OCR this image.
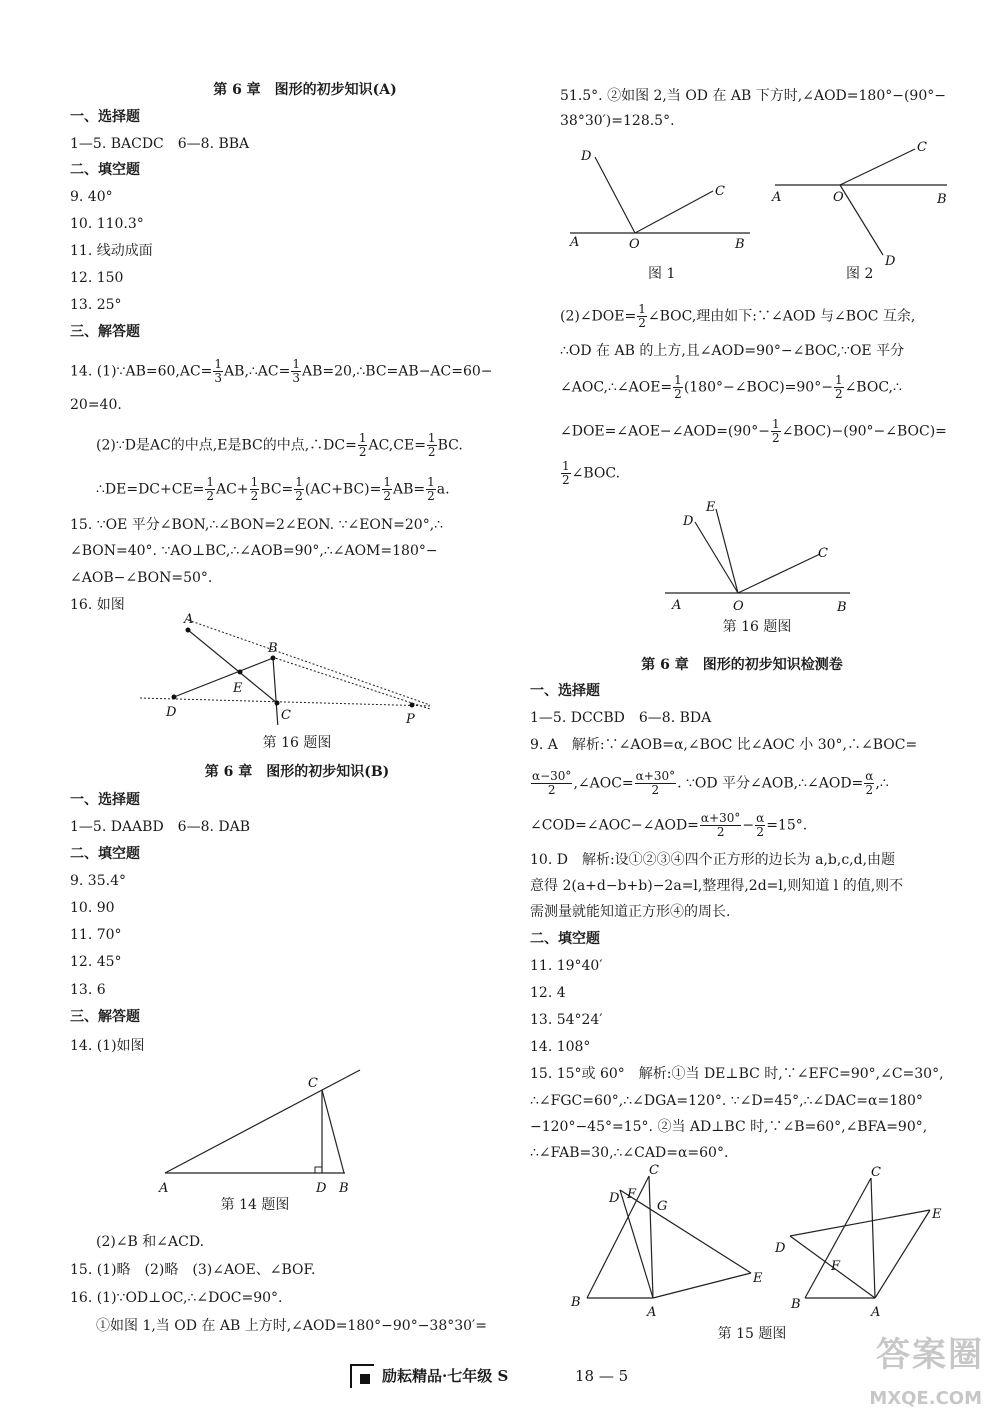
第 6 章　图形的初步知识(A)
一、选择题
1—5. BACDC　6—8. BBA
二、填空题
9. 40°
10. 110.3°
11. 线动成面
12. 150
13. 25°
三、解答题
14. (1)∵AB=60,AC= $\frac{1}{3}$ AB,∴AC= $\frac{1}{3}$ AB=20,∴BC=AB−AC=60−
20=40.
(2)∵D是AC的中点,E是BC的中点,∴DC= $\frac{1}{2} AC,CE= \frac{1}{2}$ BC.
∴DE=DC+CE= $\frac{1}{2} AC+ \frac{1}{2} BC= \frac{1}{2} (AC+BC)= \frac{1}{2} AB= \frac{1}{2} a$.
15. ∵OE 平分∠BON,∴∠BON=2∠EON. ∵∠EON=20°,∴
∠BON=40°. ∵AO⊥BC,∴∠AOB=90°,∴∠AOM=180°−
∠AOB−∠BON=50°.
16. 如图
A
B
E
D	C	P
第 16 题图
第 6 章　图形的初步知识(B)
一、选择题
1—5. DAABD　6—8. DAB
二、填空题
9. 35.4°
10. 90
11. 70°
12. 45°
13. 6
三、解答题
14. (1)如图
C
A	D B
第 14 题图
(2)∠B 和∠ACD.
15. (1)略　(2)略　(3)∠AOE、∠BOF.
16. (1)∵OD⊥OC,∴∠DOC=90°.
①如图 1,当 OD 在 AB 上方时,∠AOD=180°−90°−38°30′=
51.5°. ②如图 2,当 OD 在 AB 下方时,∠AOD=180°−(90°−
38°30′)=128.5°.
D
C
A	O	B
C
A	O	B
D
图 1	图 2
(2)∠DOE= $\frac{1}{2}$ ∠BOC,理由如下:∵∠AOD 与∠BOC 互余,
∴OD 在 AB 的上方,且∠AOD=90°−∠BOC,∵OE 平分
∠AOC,∴∠AOE= $\frac{1}{2}$ (180°−∠BOC)=90°− $\frac{1}{2}$ ∠BOC,∴
∠DOE=∠AOE−∠AOD=(90°− $\frac{1}{2}$ ∠BOC)−(90°−∠BOC)=
$\frac{1}{2}$ ∠BOC.
D
E
C
A	O	B
第 16 题图
第 6 章　图形的初步知识检测卷
一、选择题
1—5. DCCBD　6—8. BDA
9. A　解析:∵∠AOB=α,∠BOC 比∠AOC 小 30°,∴∠BOC=
$\frac{\alpha-30^\circ}{2}$ ,∠AOC= $\frac{\alpha+30^\circ}{2}$ . ∵OD 平分∠AOB,∴∠AOD= $\frac{\alpha}{2}$ ,∴
∠COD=∠AOC−∠AOD= $\frac{\alpha+30^\circ}{2} - \frac{\alpha}{2} =15^\circ$.
10. D　解析:设①②③④四个正方形的边长为 a,b,c,d,由题
意得 2(a+d−b+b)−2a=l,整理得,2d=l,则知道 l 的值,则不
需测量就能知道正方形④的周长.
二、填空题
11. 19°40′
12. 4
13. 54°24′
14. 108°
15. 15°或 60°　解析:①当 DE⊥BC 时,∵∠EFC=90°,∠C=30°,
∴∠FGC=60°,∴∠DGA=120°. ∵∠D=45°,∴∠DAC=α=180°
−120°−45°=15°. ②当 AD⊥BC 时,∵∠B=60°,∠BFA=90°,
∴∠FAB=30,∴∠CAD=α=60°.
C
D F
G
E
B
A
C
D
F
E
B
A
第 15 题图
励耘精品·七年级 S	18 — 5
答案圈
MXQE.COM
